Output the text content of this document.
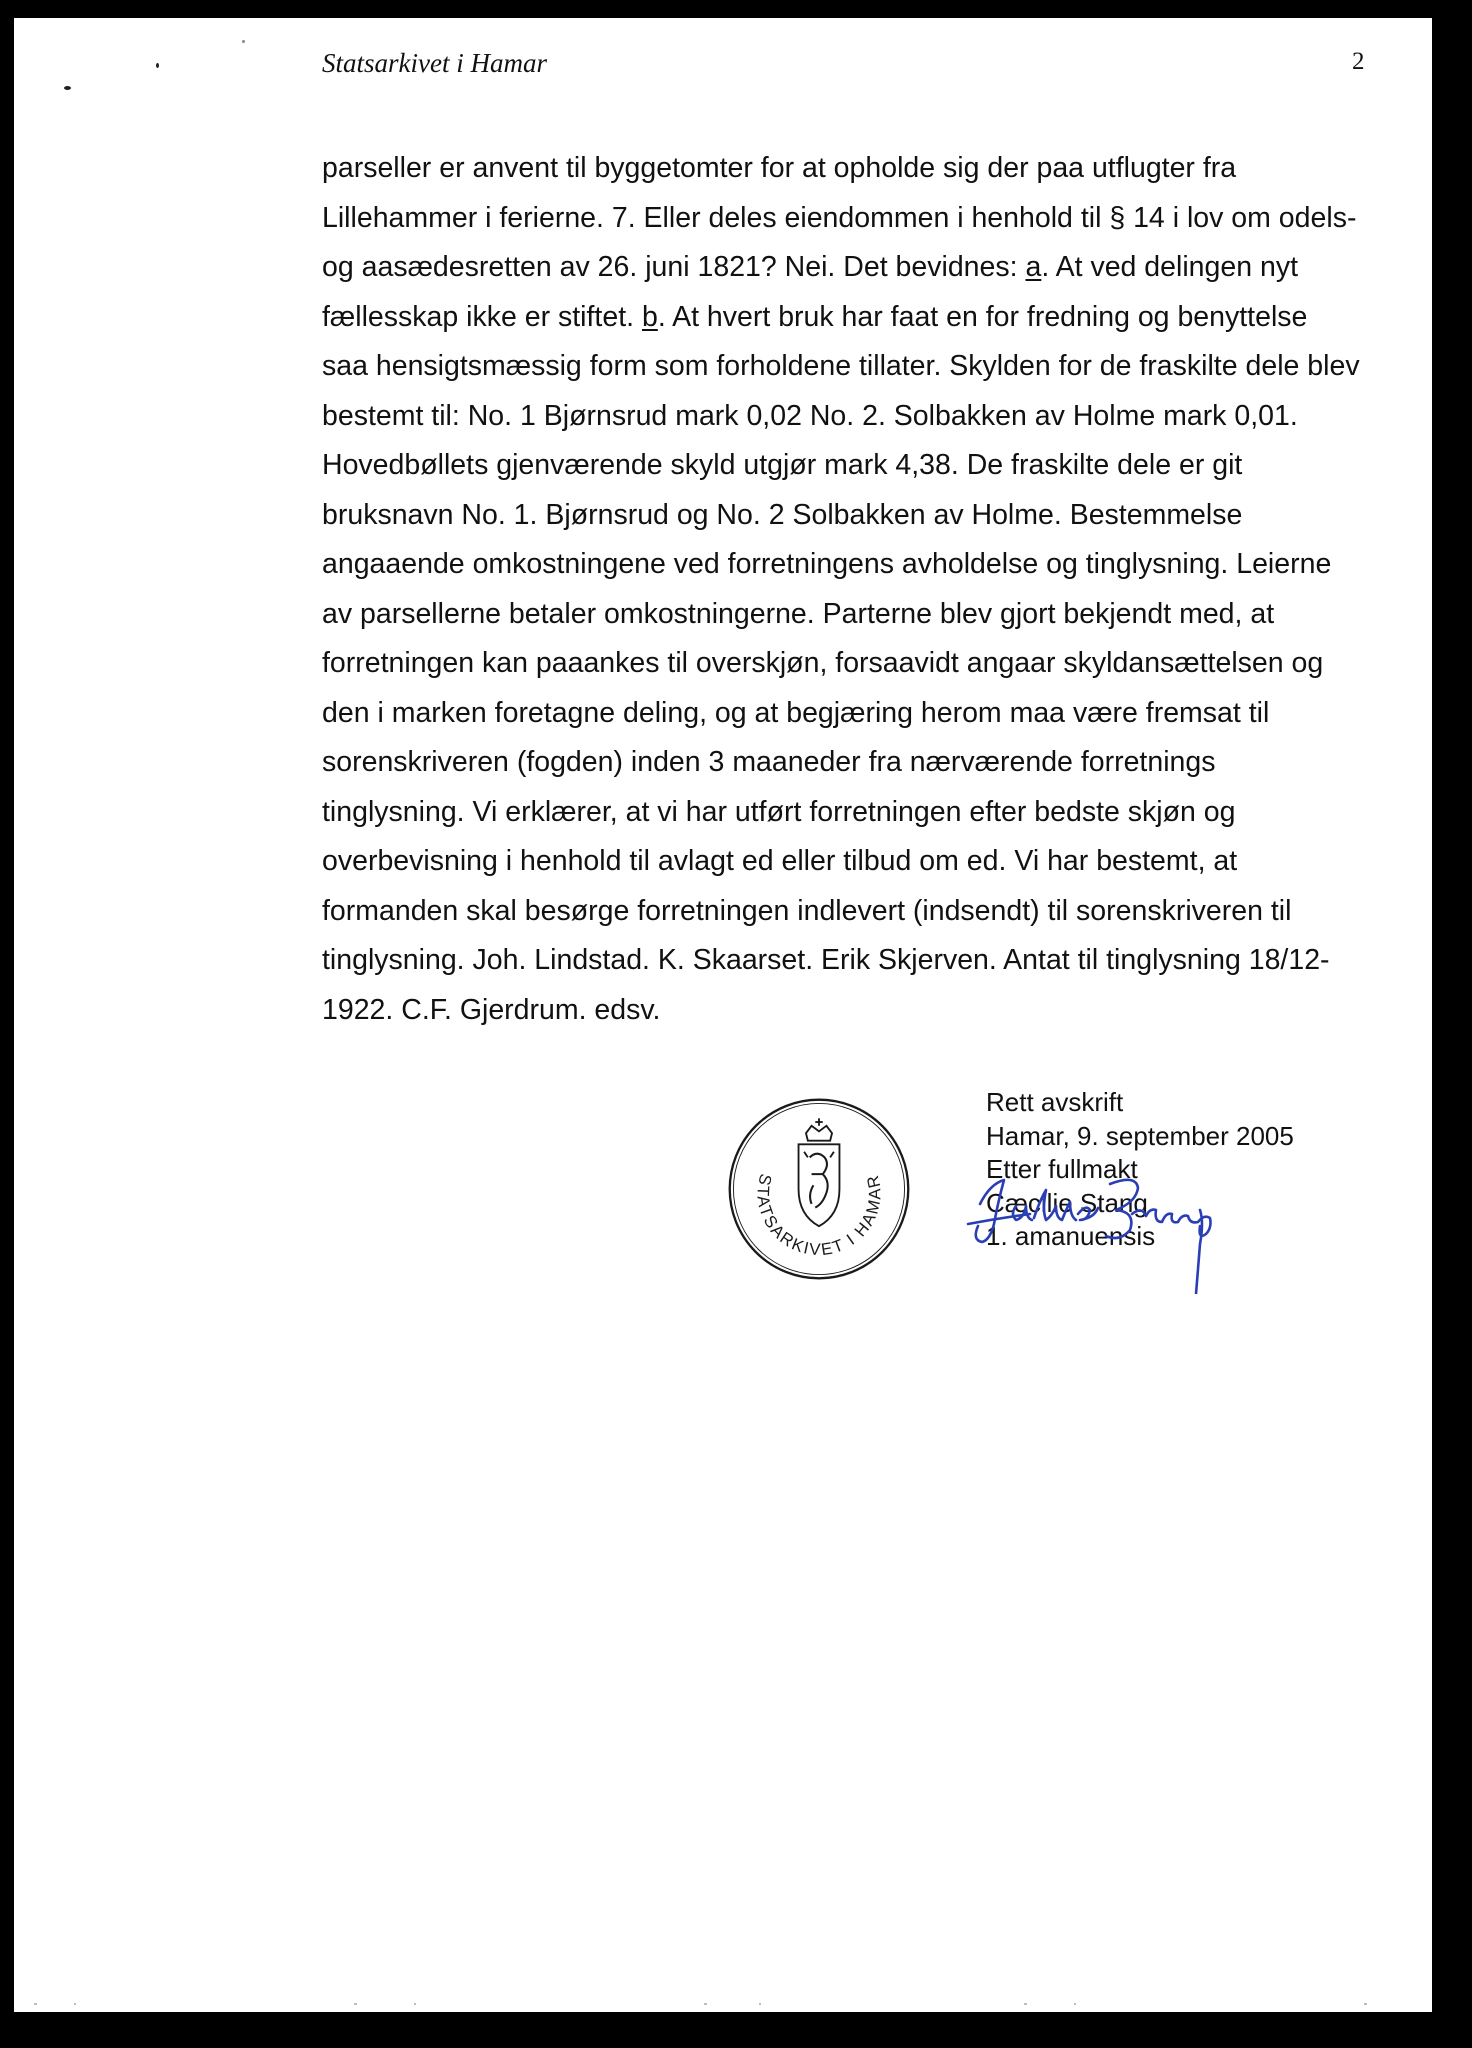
Statsarkivet i Hamar	2
parseller er anvent til byggetomter for at opholde sig der paa utflugter fra
Lillehammer i ferierne. 7. Eller deles eiendommen i henhold til § 14 i lov om odels-
og aasædesretten av 26. juni 1821? Nei. Det bevidnes: a. At ved delingen nyt
fællesskap ikke er stiftet. b. At hvert bruk har faat en for fredning og benyttelse
saa hensigtsmæssig form som forholdene tillater. Skylden for de fraskilte dele blev
bestemt til: No. 1 Bjørnsrud mark 0,02 No. 2. Solbakken av Holme mark 0,01.
Hovedbøllets gjenværende skyld utgjør mark 4,38. De fraskilte dele er git
bruksnavn No. 1. Bjørnsrud og No. 2 Solbakken av Holme. Bestemmelse
angaaende omkostningene ved forretningens avholdelse og tinglysning. Leierne
av parsellerne betaler omkostningerne. Parterne blev gjort bekjendt med, at
forretningen kan paaankes til overskjøn, forsaavidt angaar skyldansættelsen og
den i marken foretagne deling, og at begjæring herom maa være fremsat til
sorenskriveren (fogden) inden 3 maaneder fra nærværende forretnings
tinglysning. Vi erklærer, at vi har utført forretningen efter bedste skjøn og
overbevisning i henhold til avlagt ed eller tilbud om ed. Vi har bestemt, at
formanden skal besørge forretningen indlevert (indsendt) til sorenskriveren til
tinglysning. Joh. Lindstad. K. Skaarset. Erik Skjerven. Antat til tinglysning 18/12-
1922. C.F. Gjerdrum. edsv.
STATSARKIVET I HAMAR
Rett avskrift
Hamar, 9. september 2005
Etter fullmakt
Cæcilie Stang
1. amanuensis
